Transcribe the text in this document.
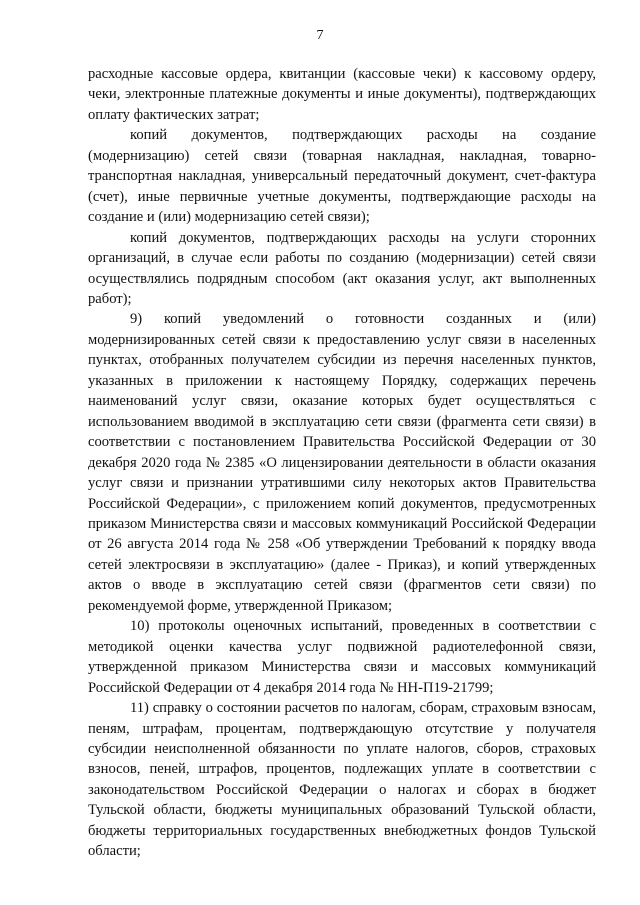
7

расходные кассовые ордера, квитанции (кассовые чеки) к кассовому ордеру, чеки, электронные платежные документы и иные документы), подтверждающих оплату фактических затрат;

копий документов, подтверждающих расходы на создание (модернизацию) сетей связи (товарная накладная, накладная, товарно-транспортная накладная, универсальный передаточный документ, счет-фактура (счет), иные первичные учетные документы, подтверждающие расходы на создание и (или) модернизацию сетей связи);

копий документов, подтверждающих расходы на услуги сторонних организаций, в случае если работы по созданию (модернизации) сетей связи осуществлялись подрядным способом (акт оказания услуг, акт выполненных работ);

9) копий уведомлений о готовности созданных и (или) модернизированных сетей связи к предоставлению услуг связи в населенных пунктах, отобранных получателем субсидии из перечня населенных пунктов, указанных в приложении к настоящему Порядку, содержащих перечень наименований услуг связи, оказание которых будет осуществляться с использованием вводимой в эксплуатацию сети связи (фрагмента сети связи) в соответствии с постановлением Правительства Российской Федерации от 30 декабря 2020 года № 2385 «О лицензировании деятельности в области оказания услуг связи и признании утратившими силу некоторых актов Правительства Российской Федерации», с приложением копий документов, предусмотренных приказом Министерства связи и массовых коммуникаций Российской Федерации от 26 августа 2014 года № 258 «Об утверждении Требований к порядку ввода сетей электросвязи в эксплуатацию» (далее - Приказ), и копий утвержденных актов о вводе в эксплуатацию сетей связи (фрагментов сети связи) по рекомендуемой форме, утвержденной Приказом;

10) протоколы оценочных испытаний, проведенных в соответствии с методикой оценки качества услуг подвижной радиотелефонной связи, утвержденной приказом Министерства связи и массовых коммуникаций Российской Федерации от 4 декабря 2014 года № НН-П19-21799;

11) справку о состоянии расчетов по налогам, сборам, страховым взносам, пеням, штрафам, процентам, подтверждающую отсутствие у получателя субсидии неисполненной обязанности по уплате налогов, сборов, страховых взносов, пеней, штрафов, процентов, подлежащих уплате в соответствии с законодательством Российской Федерации о налогах и сборах в бюджет Тульской области, бюджеты муниципальных образований Тульской области, бюджеты территориальных государственных внебюджетных фондов Тульской области;
